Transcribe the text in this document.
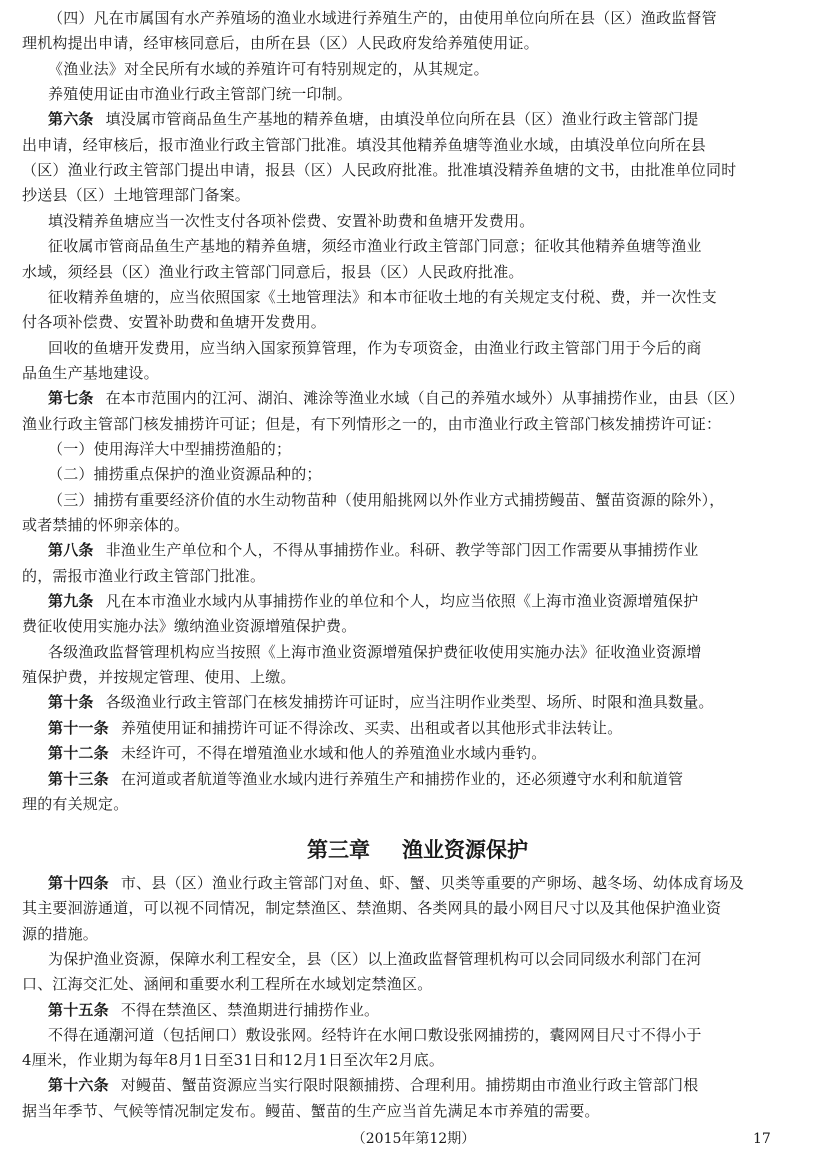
（四）凡在市属国有水产养殖场的渔业水域进行养殖生产的，由使用单位向所在县（区）渔政监督管
理机构提出申请，经审核同意后，由所在县（区）人民政府发给养殖使用证。
《渔业法》对全民所有水域的养殖许可有特别规定的，从其规定。
养殖使用证由市渔业行政主管部门统一印制。
第六条 填没属市管商品鱼生产基地的精养鱼塘，由填没单位向所在县（区）渔业行政主管部门提
出申请，经审核后，报市渔业行政主管部门批准。填没其他精养鱼塘等渔业水域，由填没单位向所在县
（区）渔业行政主管部门提出申请，报县（区）人民政府批准。批准填没精养鱼塘的文书，由批准单位同时
抄送县（区）土地管理部门备案。
填没精养鱼塘应当一次性支付各项补偿费、安置补助费和鱼塘开发费用。
征收属市管商品鱼生产基地的精养鱼塘，须经市渔业行政主管部门同意；征收其他精养鱼塘等渔业
水域，须经县（区）渔业行政主管部门同意后，报县（区）人民政府批准。
征收精养鱼塘的，应当依照国家《土地管理法》和本市征收土地的有关规定支付税、费，并一次性支
付各项补偿费、安置补助费和鱼塘开发费用。
回收的鱼塘开发费用，应当纳入国家预算管理，作为专项资金，由渔业行政主管部门用于今后的商
品鱼生产基地建设。
第七条 在本市范围内的江河、湖泊、滩涂等渔业水域（自己的养殖水域外）从事捕捞作业，由县（区）
渔业行政主管部门核发捕捞许可证；但是，有下列情形之一的，由市渔业行政主管部门核发捕捞许可证：
（一）使用海洋大中型捕捞渔船的；
（二）捕捞重点保护的渔业资源品种的；
（三）捕捞有重要经济价值的水生动物苗种（使用船挑网以外作业方式捕捞鳗苗、蟹苗资源的除外），
或者禁捕的怀卵亲体的。
第八条 非渔业生产单位和个人，不得从事捕捞作业。科研、教学等部门因工作需要从事捕捞作业
的，需报市渔业行政主管部门批准。
第九条 凡在本市渔业水域内从事捕捞作业的单位和个人，均应当依照《上海市渔业资源增殖保护
费征收使用实施办法》缴纳渔业资源增殖保护费。
各级渔政监督管理机构应当按照《上海市渔业资源增殖保护费征收使用实施办法》征收渔业资源增
殖保护费，并按规定管理、使用、上缴。
第十条 各级渔业行政主管部门在核发捕捞许可证时，应当注明作业类型、场所、时限和渔具数量。
第十一条 养殖使用证和捕捞许可证不得涂改、买卖、出租或者以其他形式非法转让。
第十二条 未经许可，不得在增殖渔业水域和他人的养殖渔业水域内垂钓。
第十三条 在河道或者航道等渔业水域内进行养殖生产和捕捞作业的，还必须遵守水利和航道管
理的有关规定。
第三章 渔业资源保护
第十四条 市、县（区）渔业行政主管部门对鱼、虾、蟹、贝类等重要的产卵场、越冬场、幼体成育场及
其主要洄游通道，可以视不同情况，制定禁渔区、禁渔期、各类网具的最小网目尺寸以及其他保护渔业资
源的措施。
为保护渔业资源，保障水利工程安全，县（区）以上渔政监督管理机构可以会同同级水利部门在河
口、江海交汇处、涵闸和重要水利工程所在水域划定禁渔区。
第十五条 不得在禁渔区、禁渔期进行捕捞作业。
不得在通潮河道（包括闸口）敷设张网。经特许在水闸口敷设张网捕捞的，囊网网目尺寸不得小于
4厘米，作业期为每年8月1日至31日和12月1日至次年2月底。
第十六条 对鳗苗、蟹苗资源应当实行限时限额捕捞、合理利用。捕捞期由市渔业行政主管部门根
据当年季节、气候等情况制定发布。鳗苗、蟹苗的生产应当首先满足本市养殖的需要。
（2015年第12期）	17
